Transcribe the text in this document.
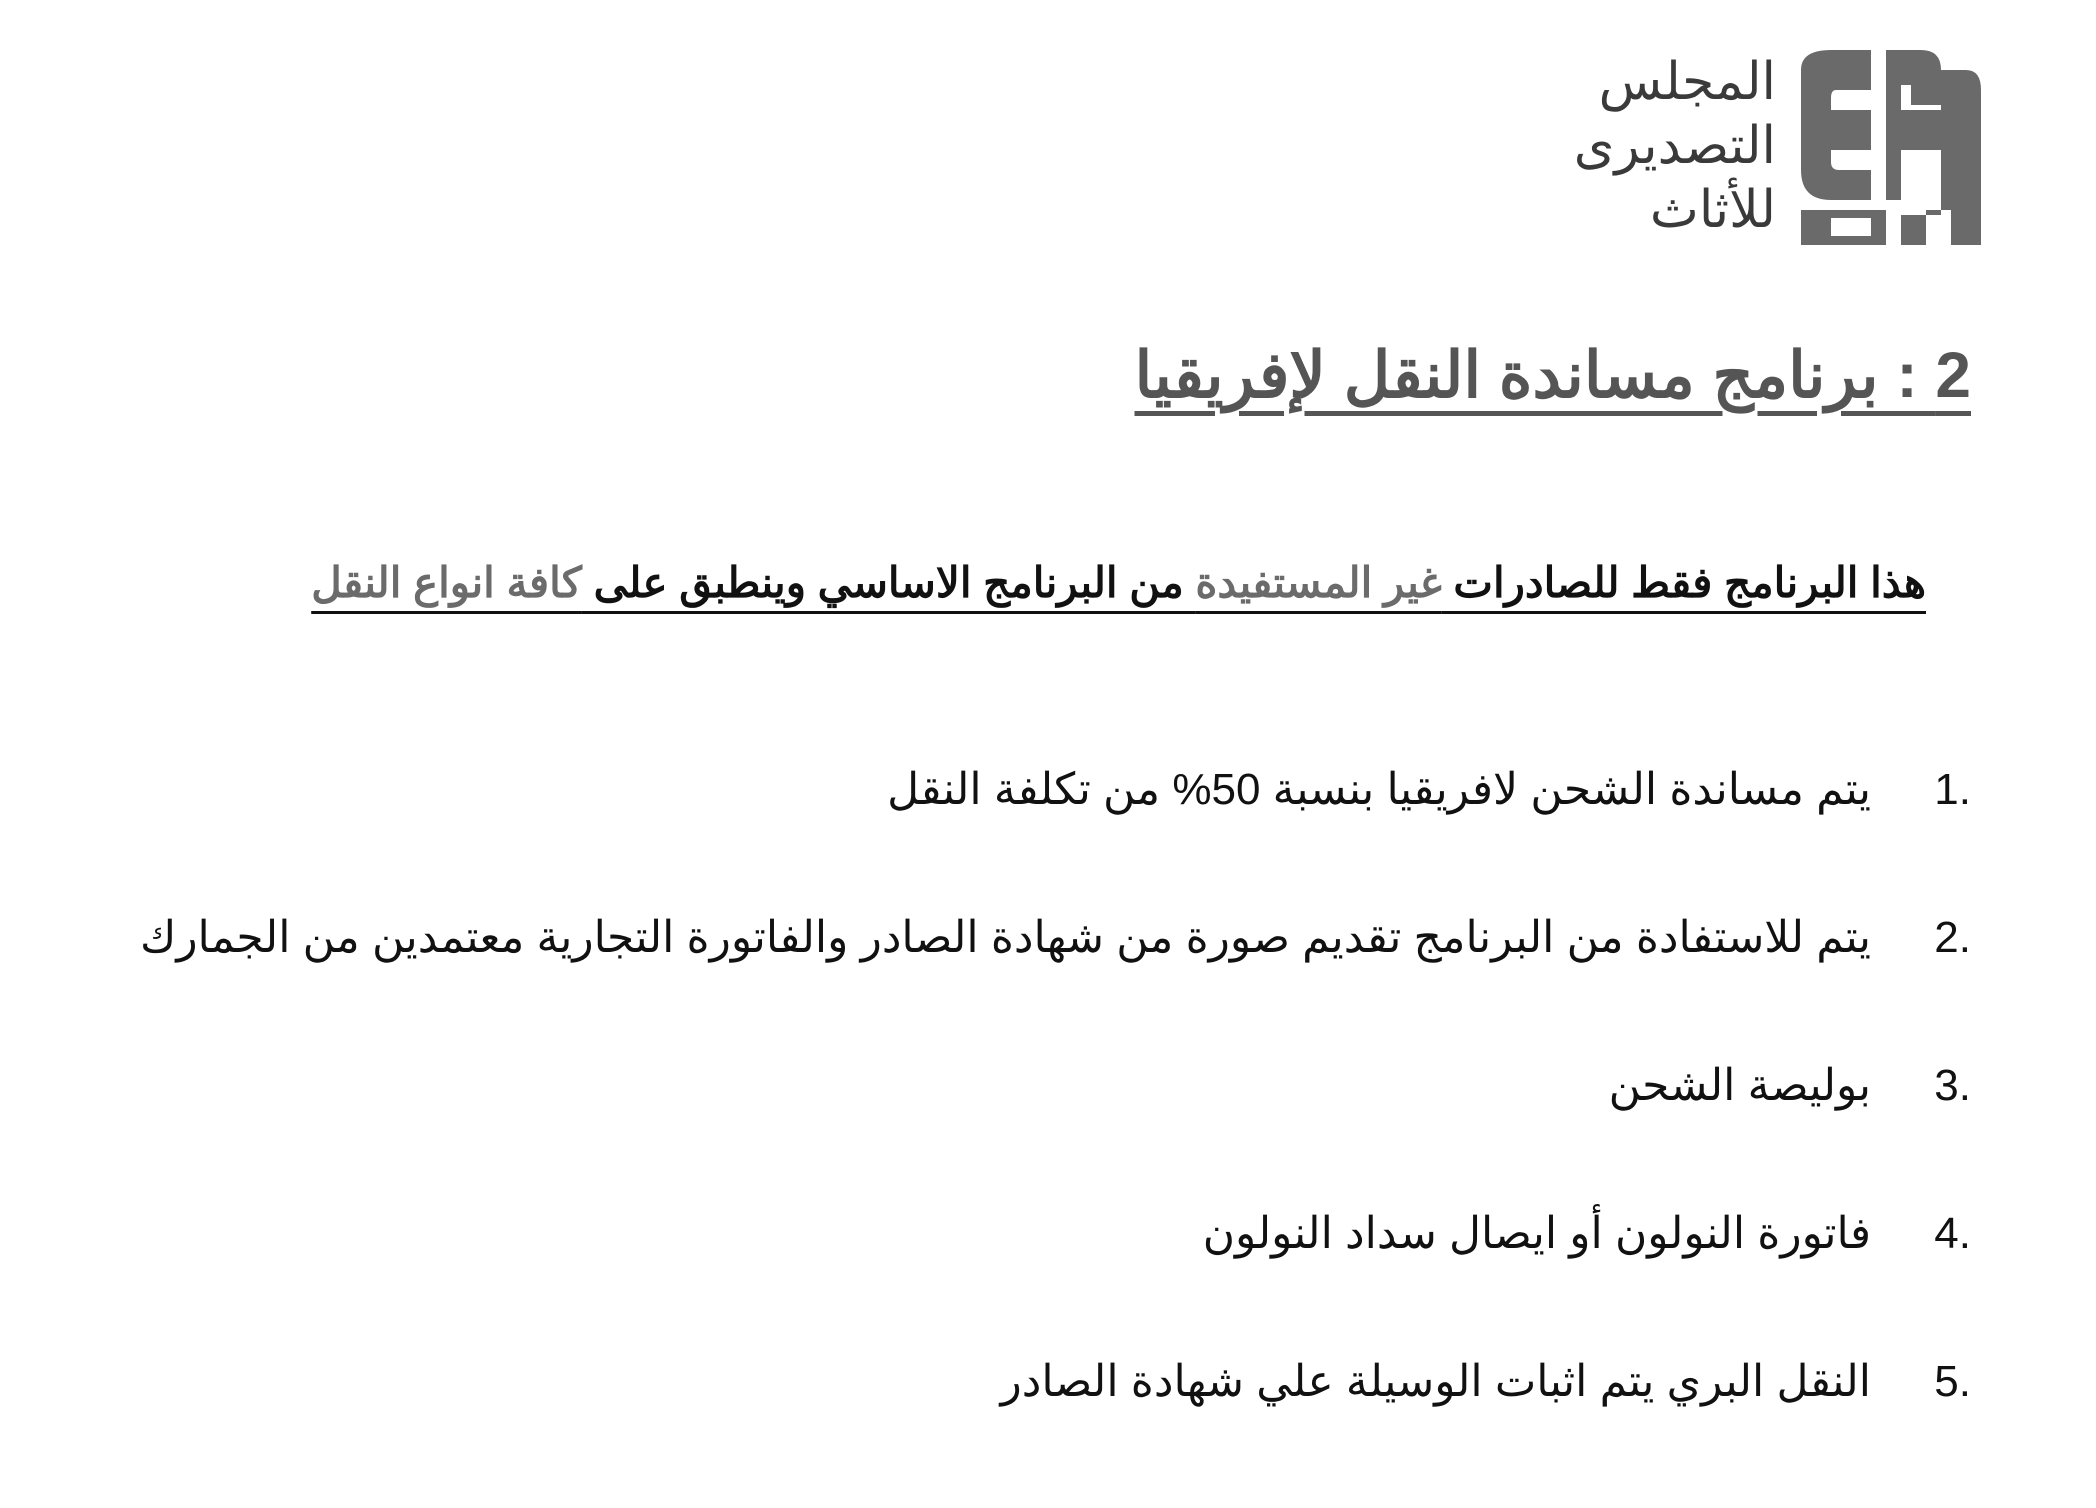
المجلس
التصديرى
للأثاث
2 : برنامج مساندة النقل لإفريقيا
هذا البرنامج فقط للصادرات غير المستفيدة من البرنامج الاساسي وينطبق على كافة انواع النقل
1.
يتم مساندة الشحن لافريقيا بنسبة 50% من تكلفة النقل
2.
يتم للاستفادة من البرنامج تقديم صورة من شهادة الصادر والفاتورة التجارية معتمدين من الجمارك
3.
بوليصة الشحن
4.
فاتورة النولون أو ايصال سداد النولون
5.
النقل البري يتم اثبات الوسيلة علي شهادة الصادر
